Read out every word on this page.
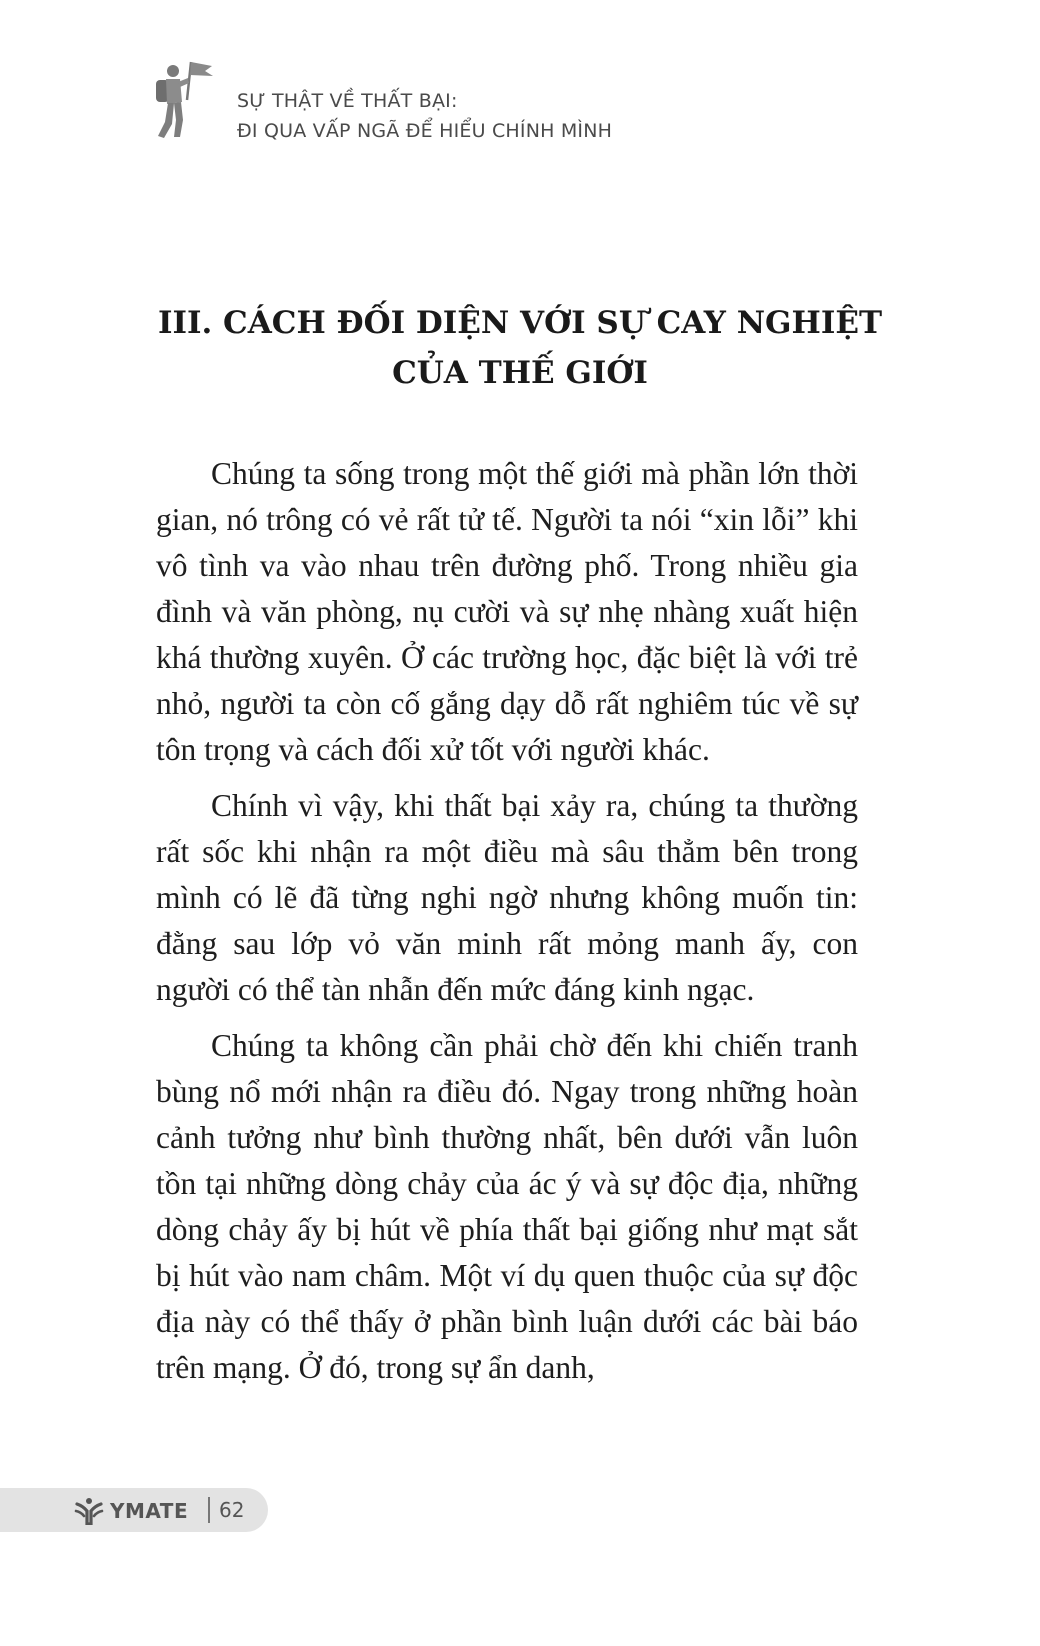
SỰ THẬT VỀ THẤT BẠI:
ĐI QUA VẤP NGÃ ĐỂ HIỂU CHÍNH MÌNH
III. CÁCH ĐỐI DIỆN VỚI SỰ CAY NGHIỆT
CỦA THẾ GIỚI

Chúng ta sống trong một thế giới mà phần lớn thời gian, nó trông có vẻ rất tử tế. Người ta nói “xin lỗi” khi vô tình va vào nhau trên đường phố. Trong nhiều gia đình và văn phòng, nụ cười và sự nhẹ nhàng xuất hiện khá thường xuyên. Ở các trường học, đặc biệt là với trẻ nhỏ, người ta còn cố gắng dạy dỗ rất nghiêm túc về sự tôn trọng và cách đối xử tốt với người khác.

Chính vì vậy, khi thất bại xảy ra, chúng ta thường rất sốc khi nhận ra một điều mà sâu thẳm bên trong mình có lẽ đã từng nghi ngờ nhưng không muốn tin: đằng sau lớp vỏ văn minh rất mỏng manh ấy, con người có thể tàn nhẫn đến mức đáng kinh ngạc.

Chúng ta không cần phải chờ đến khi chiến tranh bùng nổ mới nhận ra điều đó. Ngay trong những hoàn cảnh tưởng như bình thường nhất, bên dưới vẫn luôn tồn tại những dòng chảy của ác ý và sự độc địa, những dòng chảy ấy bị hút về phía thất bại giống như mạt sắt bị hút vào nam châm. Một ví dụ quen thuộc của sự độc địa này có thể thấy ở phần bình luận dưới các bài báo trên mạng. Ở đó, trong sự ẩn danh,

YMATE 62
